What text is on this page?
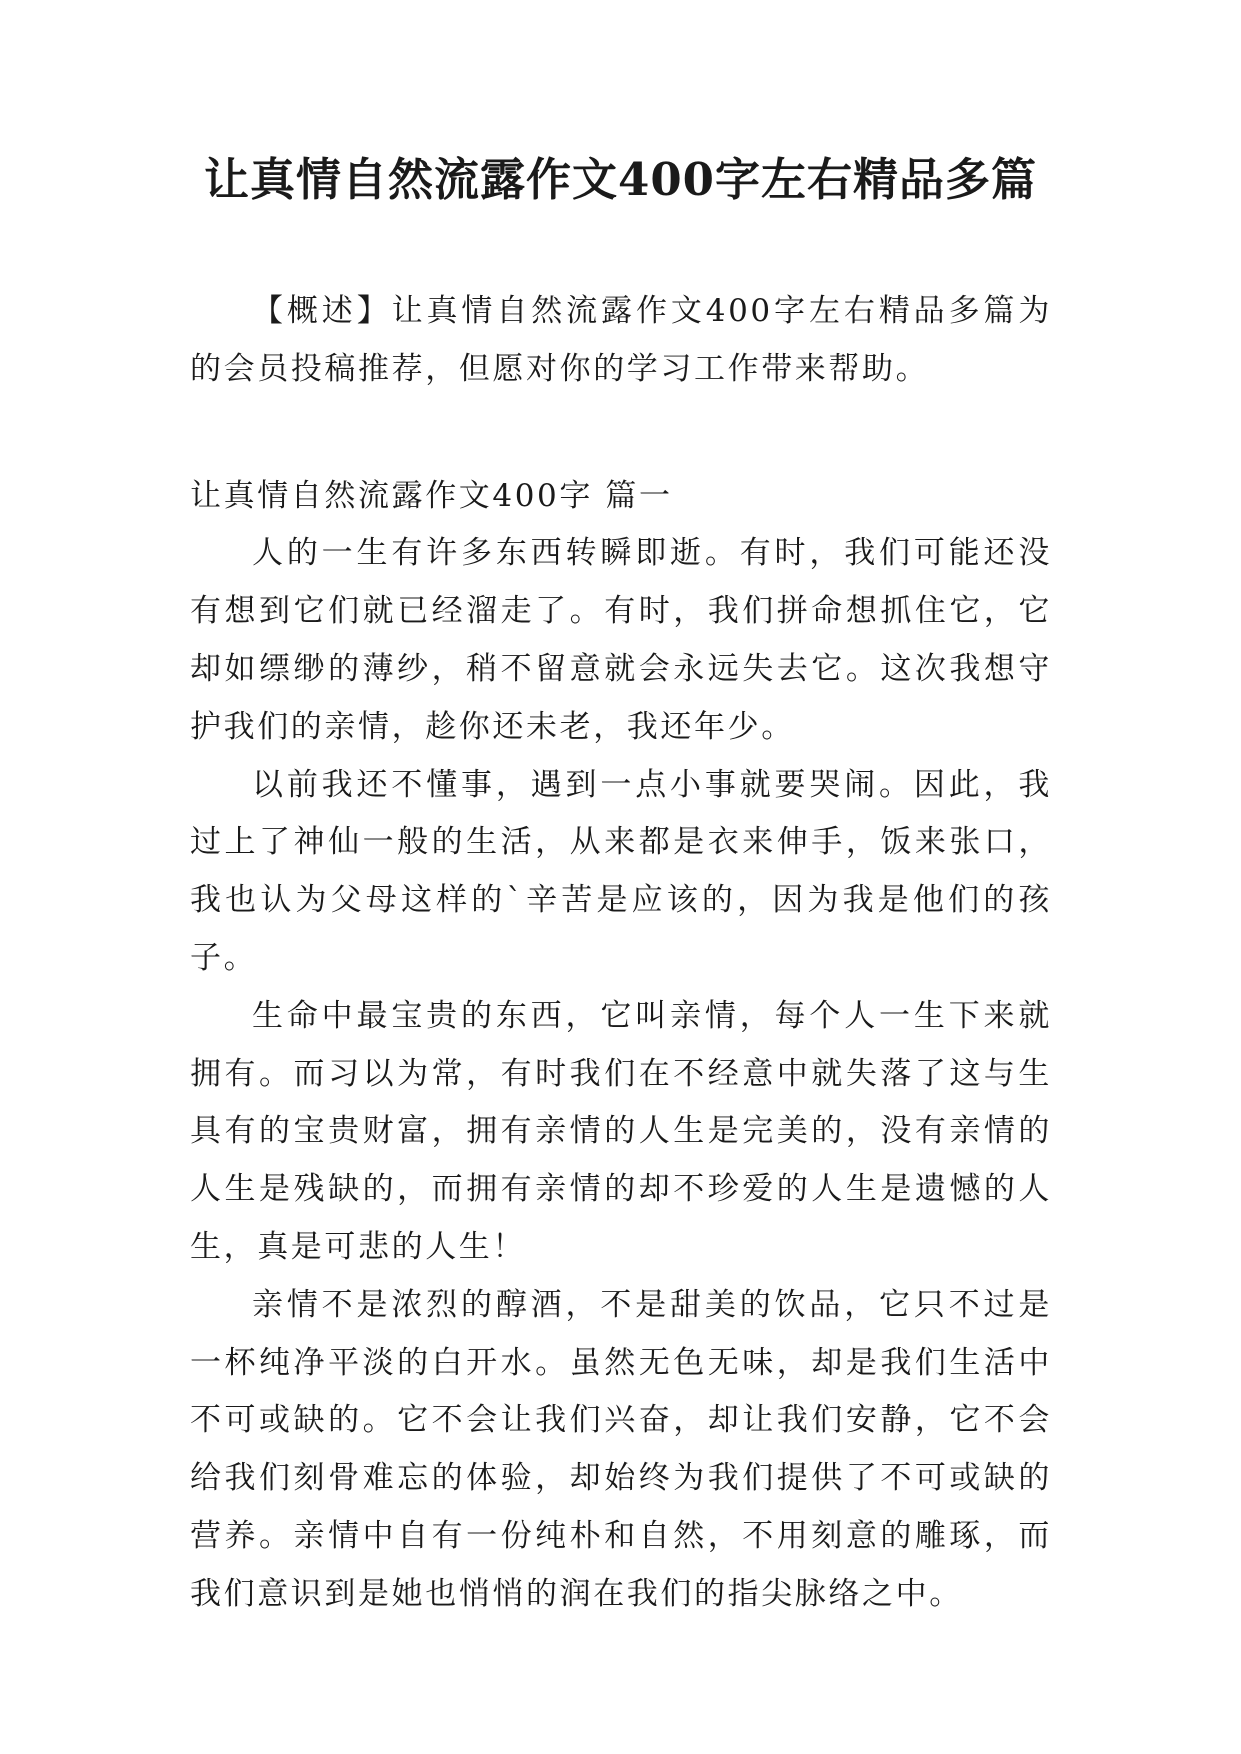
让真情自然流露作文400字左右精品多篇

【概述】让真情自然流露作文400字左右精品多篇为的会员投稿推荐，但愿对你的学习工作带来帮助。

让真情自然流露作文400字 篇一

人的一生有许多东西转瞬即逝。有时，我们可能还没有想到它们就已经溜走了。有时，我们拼命想抓住它，它却如缥缈的薄纱，稍不留意就会永远失去它。这次我想守护我们的亲情，趁你还未老，我还年少。

以前我还不懂事，遇到一点小事就要哭闹。因此，我过上了神仙一般的生活，从来都是衣来伸手，饭来张口，我也认为父母这样的`辛苦是应该的，因为我是他们的孩子。

生命中最宝贵的东西，它叫亲情，每个人一生下来就拥有。而习以为常，有时我们在不经意中就失落了这与生具有的宝贵财富，拥有亲情的人生是完美的，没有亲情的人生是残缺的，而拥有亲情的却不珍爱的人生是遗憾的人生，真是可悲的人生！

亲情不是浓烈的醇酒，不是甜美的饮品，它只不过是一杯纯净平淡的白开水。虽然无色无味，却是我们生活中不可或缺的。它不会让我们兴奋，却让我们安静，它不会给我们刻骨难忘的体验，却始终为我们提供了不可或缺的营养。亲情中自有一份纯朴和自然，不用刻意的雕琢，而我们意识到是她也悄悄的润在我们的指尖脉络之中。
